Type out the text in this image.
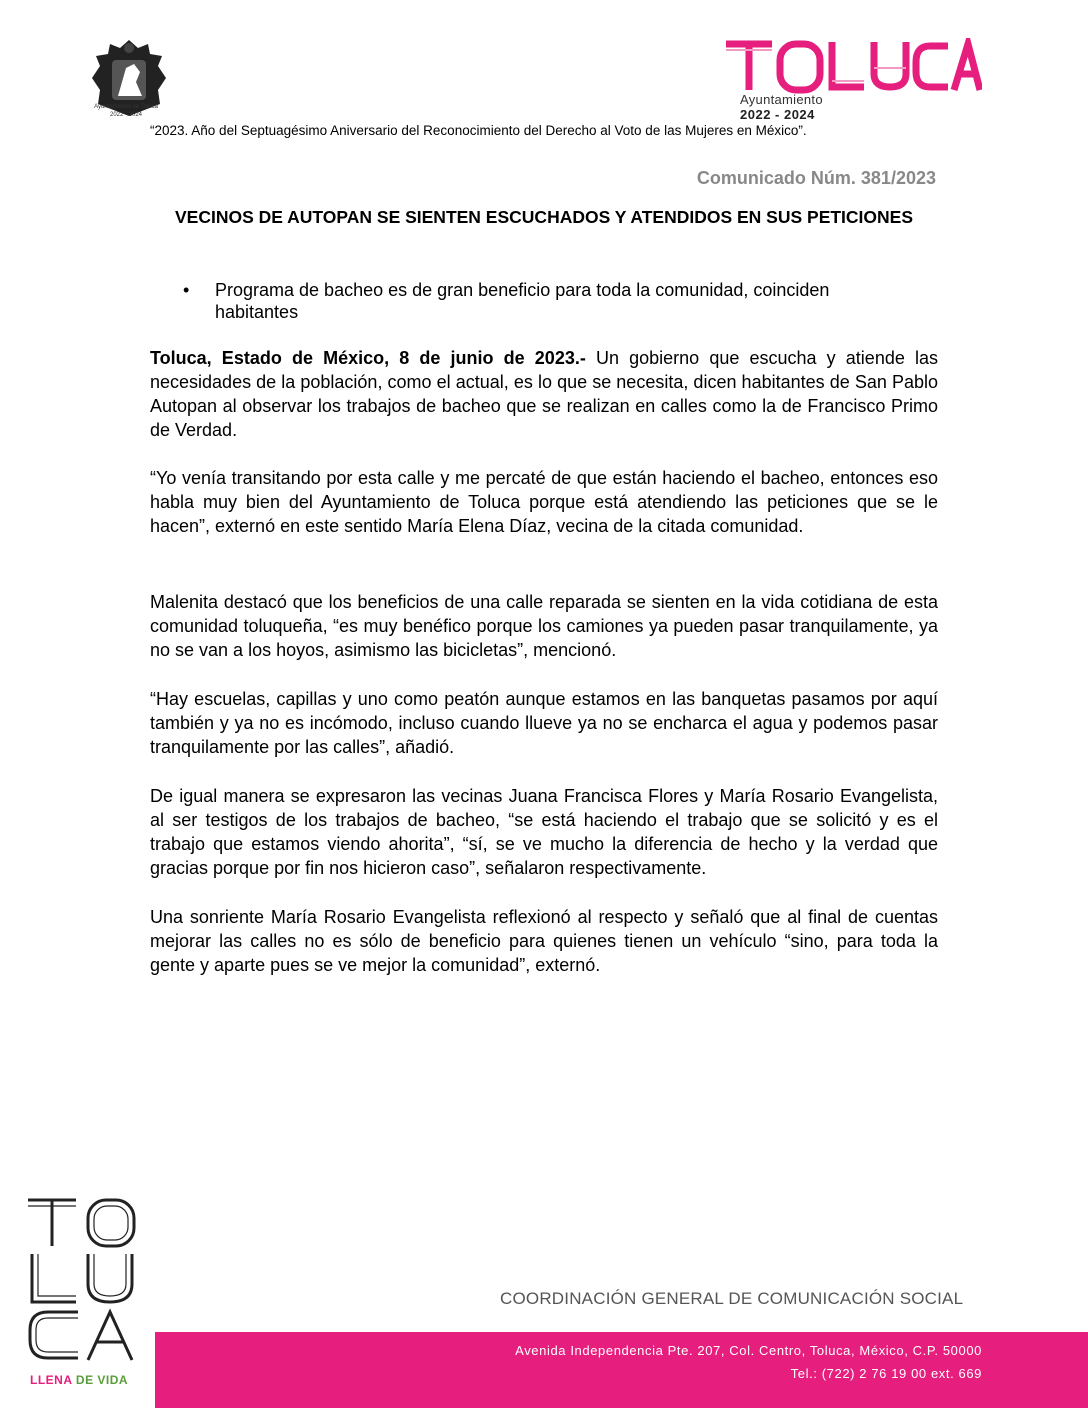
Ayuntamiento de Toluca
2022 - 2024
Ayuntamiento
2022 - 2024
“2023. Año del Septuagésimo Aniversario del Reconocimiento del Derecho al Voto de las Mujeres en México”.
Comunicado Núm. 381/2023
VECINOS DE AUTOPAN SE SIENTEN ESCUCHADOS Y ATENDIDOS EN SUS PETICIONES
• Programa de bacheo es de gran beneficio para toda la comunidad, coinciden habitantes
Toluca, Estado de México, 8 de junio de 2023.- Un gobierno que escucha y atiende las necesidades de la población, como el actual, es lo que se necesita, dicen habitantes de San Pablo Autopan al observar los trabajos de bacheo que se realizan en calles como la de Francisco Primo de Verdad.
“Yo venía transitando por esta calle y me percaté de que están haciendo el bacheo, entonces eso habla muy bien del Ayuntamiento de Toluca porque está atendiendo las peticiones que se le hacen”, externó en este sentido María Elena Díaz, vecina de la citada comunidad.
Malenita destacó que los beneficios de una calle reparada se sienten en la vida cotidiana de esta comunidad toluqueña, “es muy benéfico porque los camiones ya pueden pasar tranquilamente, ya no se van a los hoyos, asimismo las bicicletas”, mencionó.
“Hay escuelas, capillas y uno como peatón aunque estamos en las banquetas pasamos por aquí también y ya no es incómodo, incluso cuando llueve ya no se encharca el agua y podemos pasar tranquilamente por las calles”, añadió.
De igual manera se expresaron las vecinas Juana Francisca Flores y María Rosario Evangelista, al ser testigos de los trabajos de bacheo, “se está haciendo el trabajo que se solicitó y es el trabajo que estamos viendo ahorita”, “sí, se ve mucho la diferencia de hecho y la verdad que gracias porque por fin nos hicieron caso”, señalaron respectivamente.
Una sonriente María Rosario Evangelista reflexionó al respecto y señaló que al final de cuentas mejorar las calles no es sólo de beneficio para quienes tienen un vehículo “sino, para toda la gente y aparte pues se ve mejor la comunidad”, externó.
LLENA DE VIDA
COORDINACIÓN GENERAL DE COMUNICACIÓN SOCIAL
Avenida Independencia Pte. 207, Col. Centro, Toluca, México, C.P. 50000
Tel.: (722) 2 76 19 00 ext. 669
